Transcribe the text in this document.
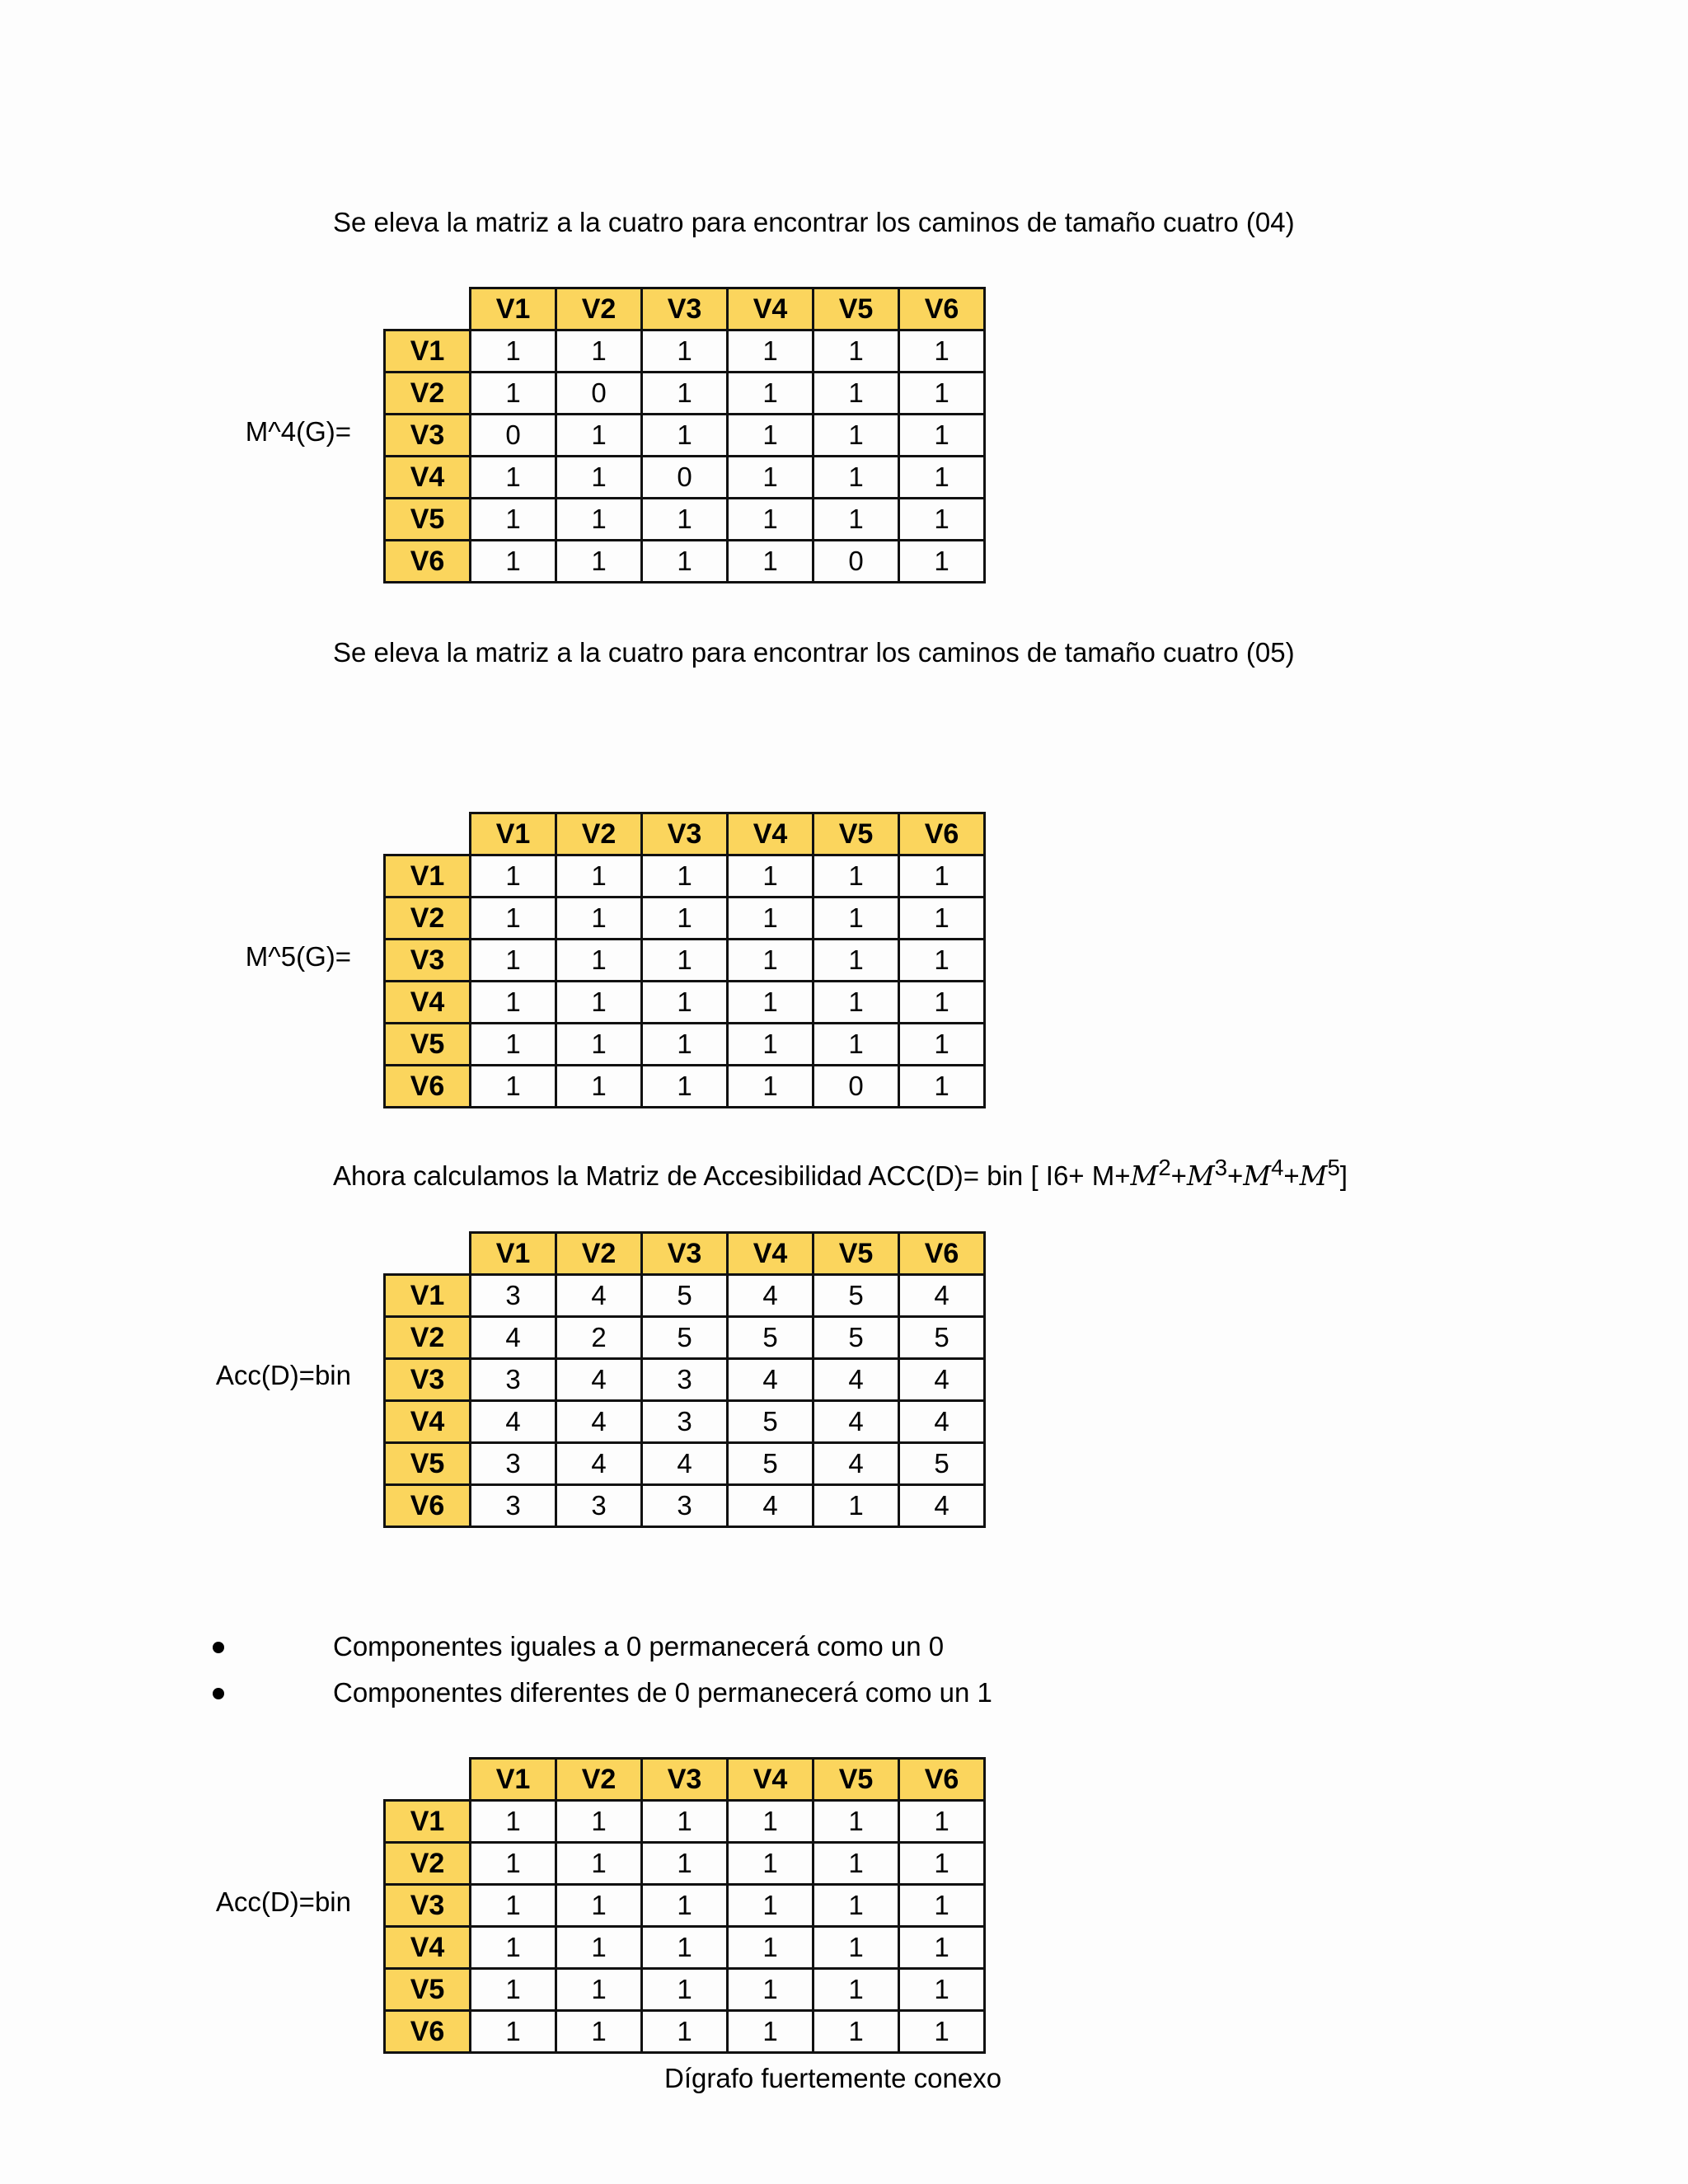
Se eleva la matriz a la cuatro para encontrar los caminos de tamaño cuatro (04)
M^4(G)=
	V1	V2	V3	V4	V5	V6
V1	1	1	1	1	1	1
V2	1	0	1	1	1	1
V3	0	1	1	1	1	1
V4	1	1	0	1	1	1
V5	1	1	1	1	1	1
V6	1	1	1	1	0	1
Se eleva la matriz a la cuatro para encontrar los caminos de tamaño cuatro (05)
M^5(G)=
	V1	V2	V3	V4	V5	V6
V1	1	1	1	1	1	1
V2	1	1	1	1	1	1
V3	1	1	1	1	1	1
V4	1	1	1	1	1	1
V5	1	1	1	1	1	1
V6	1	1	1	1	0	1
Ahora calculamos la Matriz de Accesibilidad ACC(D)= bin [ $I6+ M+M^2+M^3+M^4+M^5$]
Acc(D)=bin
	V1	V2	V3	V4	V5	V6
V1	3	4	5	4	5	4
V2	4	2	5	5	5	5
V3	3	4	3	4	4	4
V4	4	4	3	5	4	4
V5	3	4	4	5	4	5
V6	3	3	3	4	1	4
Componentes iguales a 0 permanecerá como un 0
Componentes diferentes de 0 permanecerá como un 1
Acc(D)=bin
	V1	V2	V3	V4	V5	V6
V1	1	1	1	1	1	1
V2	1	1	1	1	1	1
V3	1	1	1	1	1	1
V4	1	1	1	1	1	1
V5	1	1	1	1	1	1
V6	1	1	1	1	1	1
Dígrafo fuertemente conexo
